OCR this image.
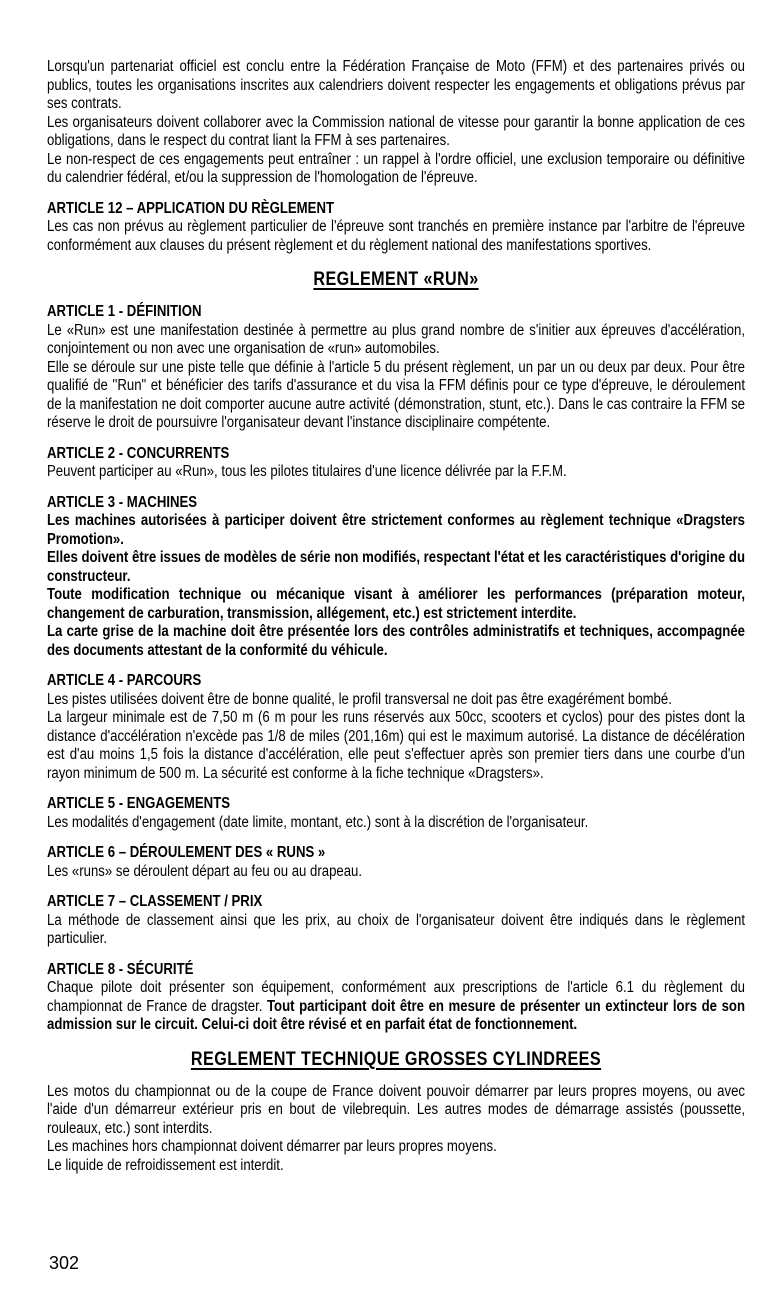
Lorsqu'un partenariat officiel est conclu entre la Fédération Française de Moto (FFM) et des partenaires privés ou publics, toutes les organisations inscrites aux calendriers doivent respecter les engagements et obligations prévus par ses contrats.

Les organisateurs doivent collaborer avec la Commission national de vitesse pour garantir la bonne application de ces obligations, dans le respect du contrat liant la FFM à ses partenaires.

Le non-respect de ces engagements peut entraîner : un rappel à l'ordre officiel, une exclusion temporaire ou définitive du calendrier fédéral, et/ou la suppression de l'homologation de l'épreuve.

ARTICLE 12 – APPLICATION DU RÈGLEMENT

Les cas non prévus au règlement particulier de l'épreuve sont tranchés en première instance par l'arbitre de l'épreuve conformément aux clauses du présent règlement et du règlement national des manifestations sportives.

REGLEMENT «RUN»
ARTICLE 1 - DÉFINITION

Le «Run» est une manifestation destinée à permettre au plus grand nombre de s'initier aux épreuves d'accélération, conjointement ou non avec une organisation de «run» automobiles.

Elle se déroule sur une piste telle que définie à l'article 5 du présent règlement, un par un ou deux par deux. Pour être qualifié de ''Run" et bénéficier des tarifs d'assurance et du visa la FFM définis pour ce type d'épreuve, le déroulement de la manifestation ne doit comporter aucune autre activité (démonstration, stunt, etc.). Dans le cas contraire la FFM se réserve le droit de poursuivre l'organisateur devant l'instance disciplinaire compétente.

ARTICLE 2 - CONCURRENTS

Peuvent participer au «Run», tous les pilotes titulaires d'une licence délivrée par la F.F.M.

ARTICLE 3 - MACHINES

Les machines autorisées à participer doivent être strictement conformes au règlement technique «Dragsters Promotion».

Elles doivent être issues de modèles de série non modifiés, respectant l'état et les caractéristiques d'origine du constructeur.

Toute modification technique ou mécanique visant à améliorer les performances (préparation moteur, changement de carburation, transmission, allégement, etc.) est strictement interdite.

La carte grise de la machine doit être présentée lors des contrôles administratifs et techniques, accompagnée des documents attestant de la conformité du véhicule.

ARTICLE 4 - PARCOURS

Les pistes utilisées doivent être de bonne qualité, le profil transversal ne doit pas être exagérément bombé.

La largeur minimale est de 7,50 m (6 m pour les runs réservés aux 50cc, scooters et cyclos) pour des pistes dont la distance d'accélération n'excède pas 1/8 de miles (201,16m) qui est le maximum autorisé. La distance de décélération est d'au moins 1,5 fois la distance d'accélération, elle peut s'effectuer après son premier tiers dans une courbe d'un rayon minimum de 500 m. La sécurité est conforme à la fiche technique «Dragsters».

ARTICLE 5 - ENGAGEMENTS

Les modalités d'engagement (date limite, montant, etc.) sont à la discrétion de l'organisateur.

ARTICLE 6 – DÉROULEMENT DES « RUNS »

Les «runs» se déroulent départ au feu ou au drapeau.

ARTICLE 7 – CLASSEMENT / PRIX

La méthode de classement ainsi que les prix, au choix de l'organisateur doivent être indiqués dans le règlement particulier.

ARTICLE 8 - SÉCURITÉ

Chaque pilote doit présenter son équipement, conformément aux prescriptions de l'article 6.1 du règlement du championnat de France de dragster. Tout participant doit être en mesure de présenter un extincteur lors de son admission sur le circuit. Celui-ci doit être révisé et en parfait état de fonctionnement.

REGLEMENT TECHNIQUE GROSSES CYLINDREES

Les motos du championnat ou de la coupe de France doivent pouvoir démarrer par leurs propres moyens, ou avec l'aide d'un démarreur extérieur pris en bout de vilebrequin. Les autres modes de démarrage assistés (poussette, rouleaux, etc.) sont interdits.

Les machines hors championnat doivent démarrer par leurs propres moyens.

Le liquide de refroidissement est interdit.

302
